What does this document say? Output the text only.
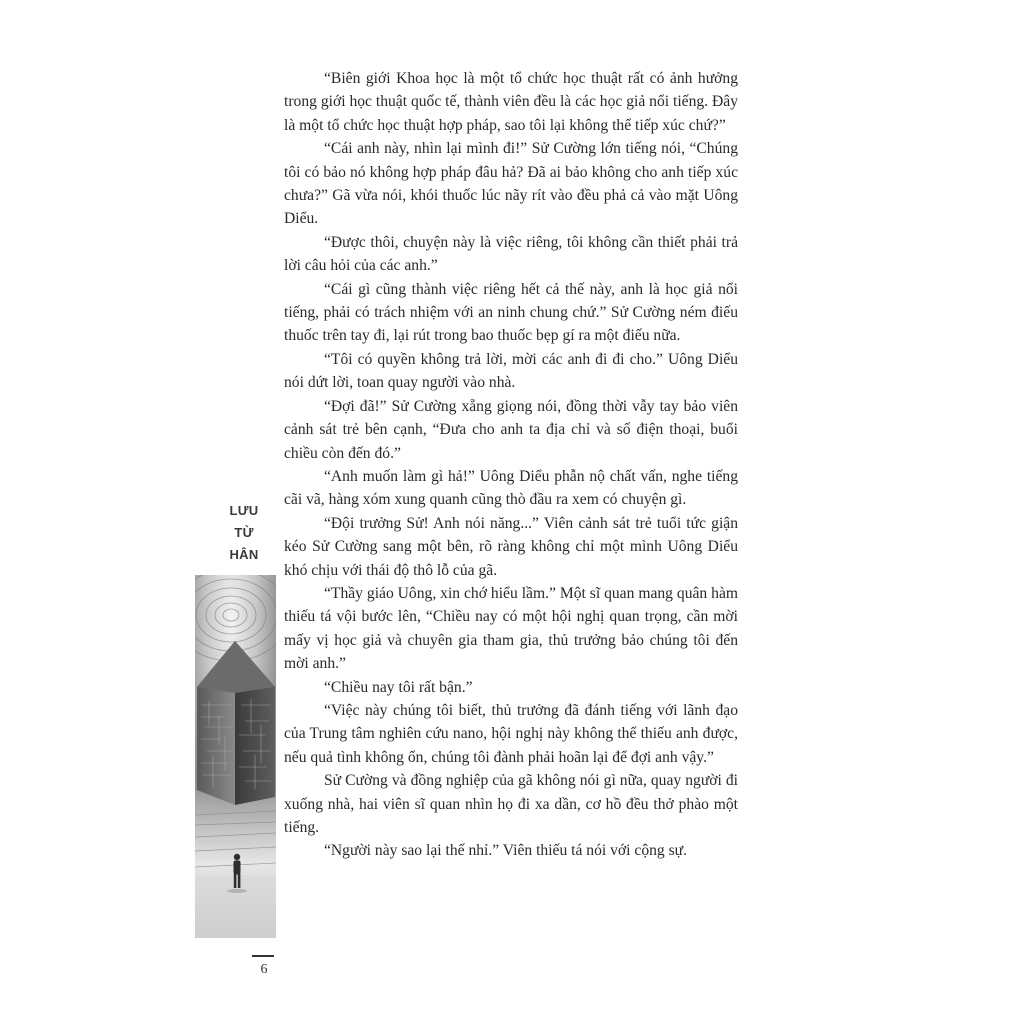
“Biên giới Khoa học là một tổ chức học thuật rất có ảnh hưởng trong giới học thuật quốc tế, thành viên đều là các học giả nổi tiếng. Đây là một tổ chức học thuật hợp pháp, sao tôi lại không thể tiếp xúc chứ?”

“Cái anh này, nhìn lại mình đi!” Sử Cường lớn tiếng nói, “Chúng tôi có bảo nó không hợp pháp đâu hả? Đã ai bảo không cho anh tiếp xúc chưa?” Gã vừa nói, khói thuốc lúc nãy rít vào đều phả cả vào mặt Uông Diểu.

“Được thôi, chuyện này là việc riêng, tôi không cần thiết phải trả lời câu hỏi của các anh.”

“Cái gì cũng thành việc riêng hết cả thế này, anh là học giả nổi tiếng, phải có trách nhiệm với an ninh chung chứ.” Sử Cường ném điếu thuốc trên tay đi, lại rút trong bao thuốc bẹp gí ra một điếu nữa.

“Tôi có quyền không trả lời, mời các anh đi đi cho.” Uông Diểu nói dứt lời, toan quay người vào nhà.

“Đợi đã!” Sử Cường xẵng giọng nói, đồng thời vẫy tay bảo viên cảnh sát trẻ bên cạnh, “Đưa cho anh ta địa chỉ và số điện thoại, buổi chiều còn đến đó.”

“Anh muốn làm gì hả!” Uông Diểu phẫn nộ chất vấn, nghe tiếng cãi vã, hàng xóm xung quanh cũng thò đầu ra xem có chuyện gì.

“Đội trưởng Sử! Anh nói năng...” Viên cảnh sát trẻ tuổi tức giận kéo Sử Cường sang một bên, rõ ràng không chỉ một mình Uông Diểu khó chịu với thái độ thô lỗ của gã.

“Thầy giáo Uông, xin chớ hiểu lầm.” Một sĩ quan mang quân hàm thiếu tá vội bước lên, “Chiều nay có một hội nghị quan trọng, cần mời mấy vị học giả và chuyên gia tham gia, thủ trưởng bảo chúng tôi đến mời anh.”

“Chiều nay tôi rất bận.”

“Việc này chúng tôi biết, thủ trưởng đã đánh tiếng với lãnh đạo của Trung tâm nghiên cứu nano, hội nghị này không thể thiếu anh được, nếu quả tình không ổn, chúng tôi đành phải hoãn lại để đợi anh vậy.”

Sử Cường và đồng nghiệp của gã không nói gì nữa, quay người đi xuống nhà, hai viên sĩ quan nhìn họ đi xa dần, cơ hồ đều thở phào một tiếng.

“Người này sao lại thế nhỉ.” Viên thiếu tá nói với cộng sự.

LƯU
TỪ
HÂN
6
